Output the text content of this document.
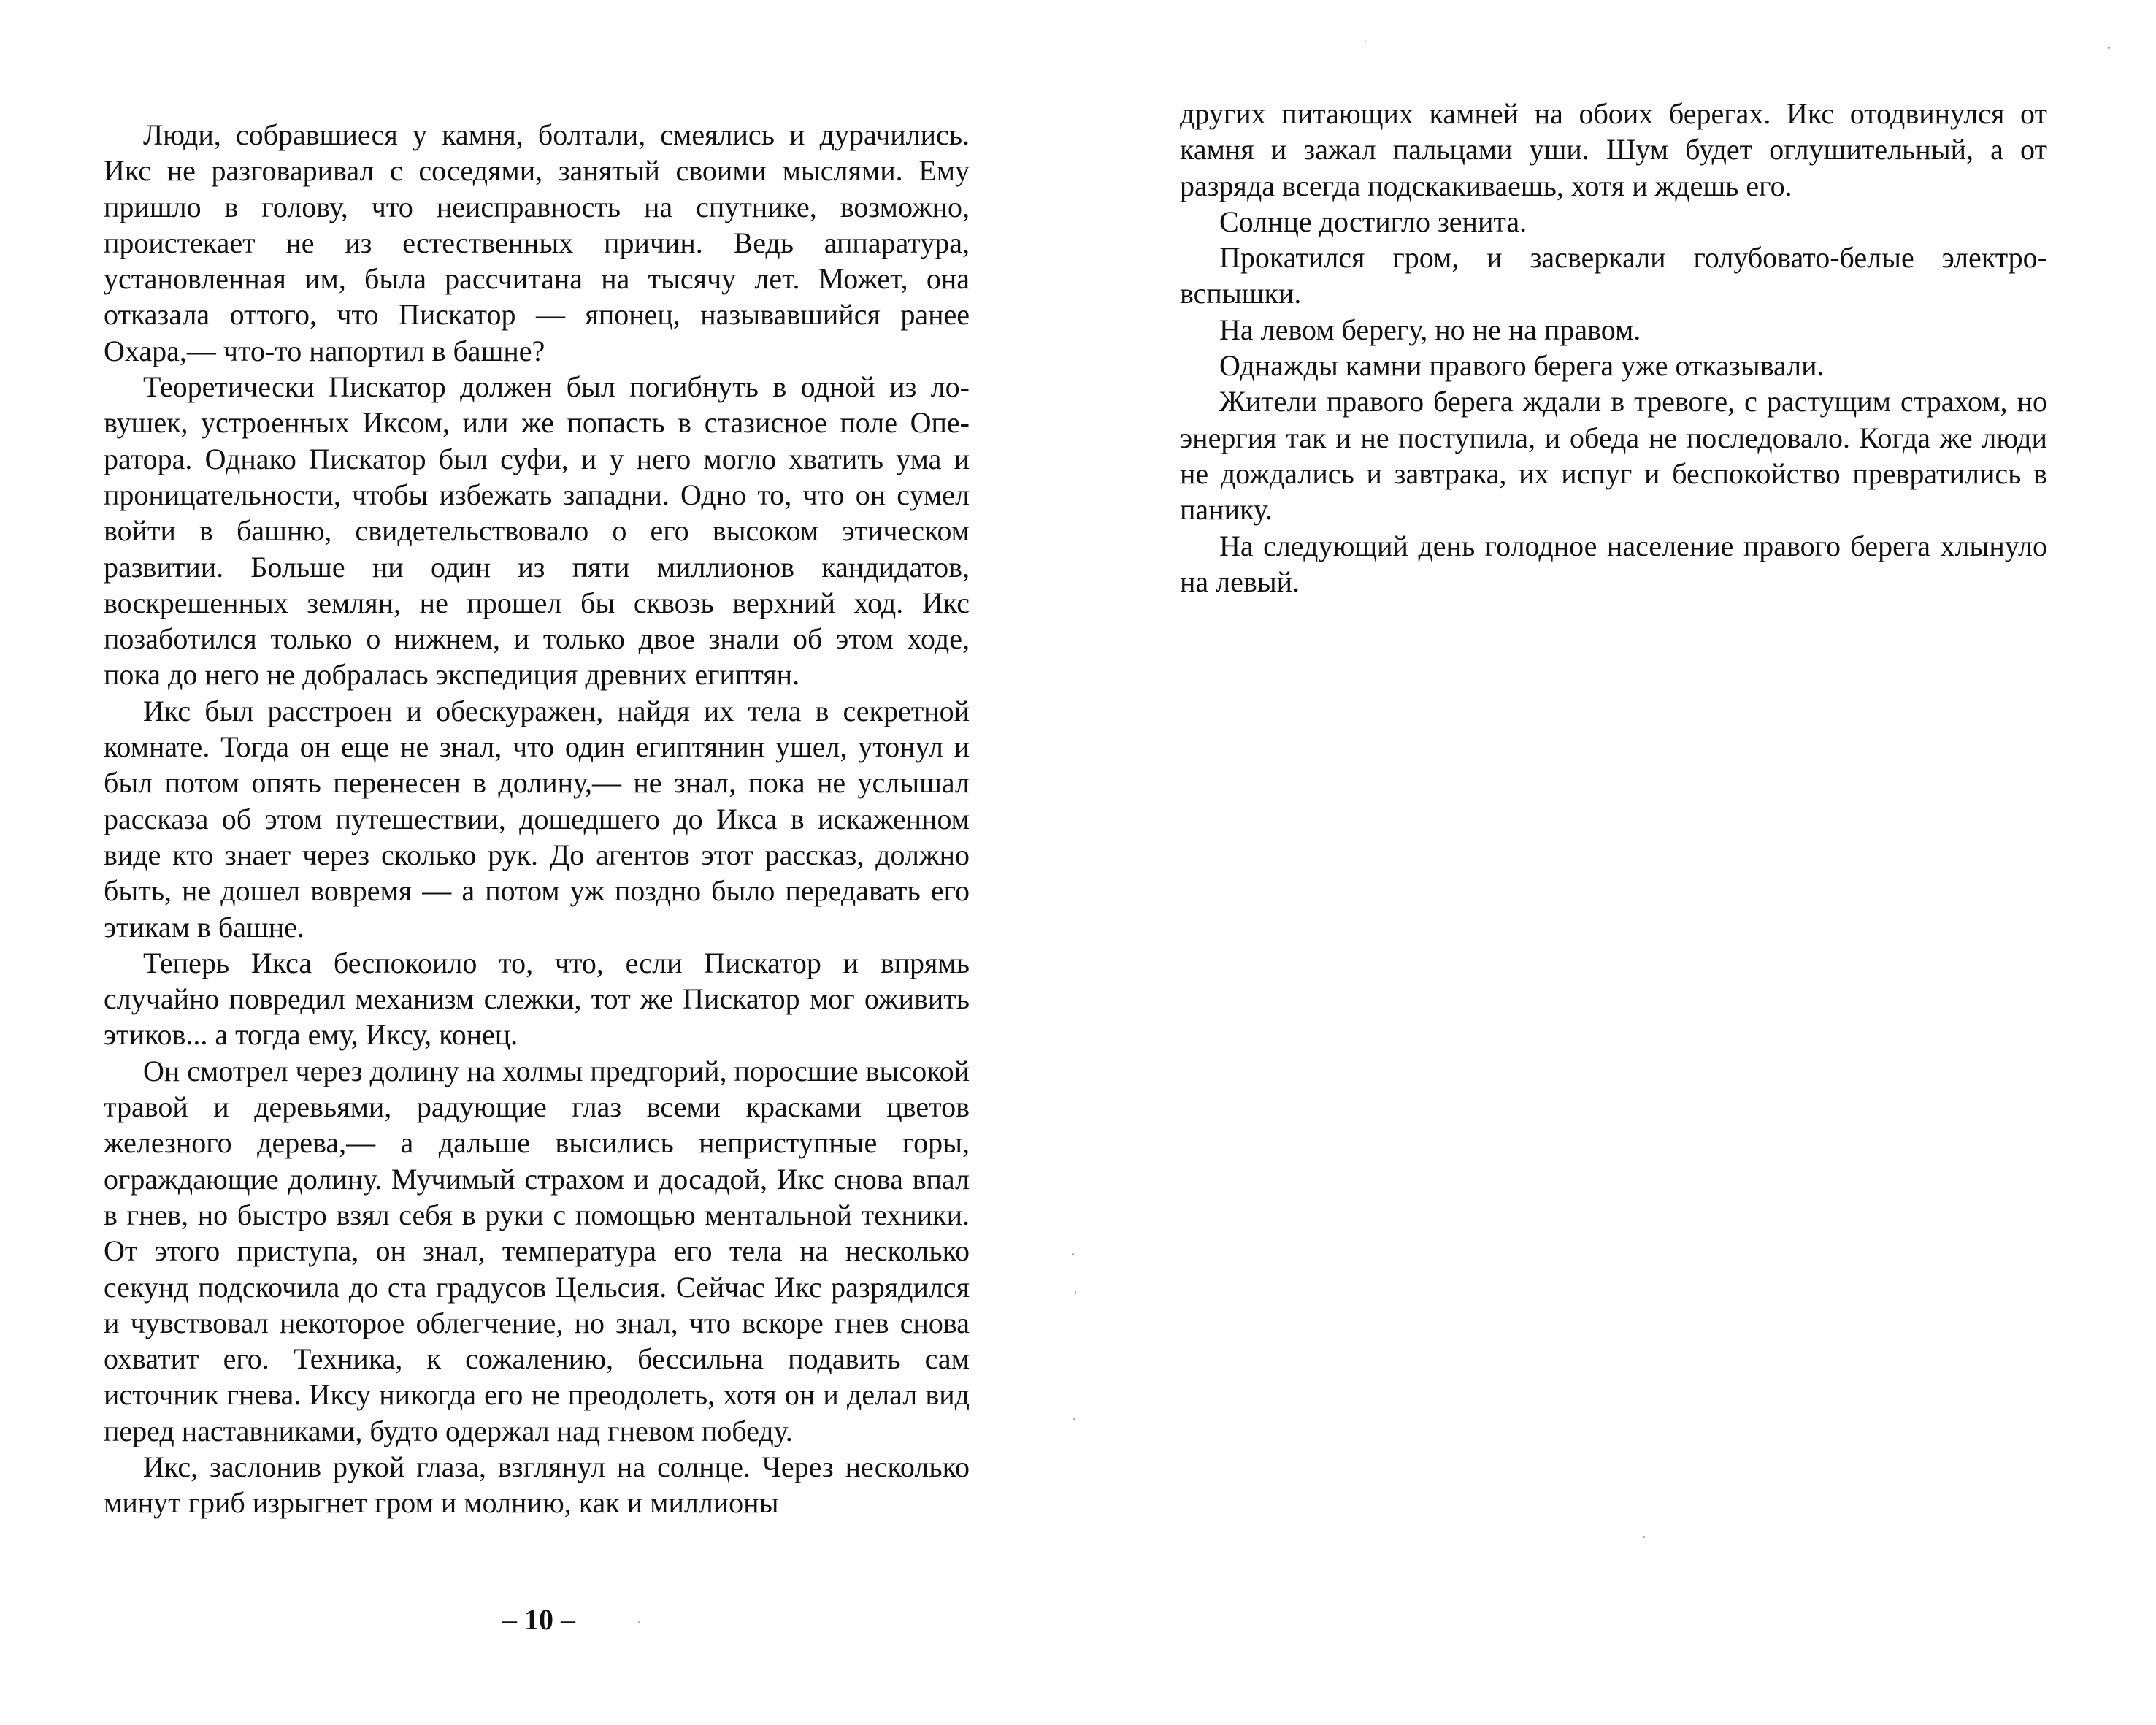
Люди, собравшиеся у камня, болтали, смеялись и дурачились. Икс не разговаривал с соседями, занятый своими мыслями. Ему пришло в голову, что неисправность на спутнике, возможно, проистекает не из естественных причин. Ведь аппаратура, установленная им, была рассчитана на тысячу лет. Может, она отказала оттого, что Пискатор — японец, называвшийся ранее Охара,— что-то напортил в башне?

Теоретически Пискатор должен был погибнуть в одной из ловушек, устроенных Иксом, или же попасть в стазисное поле Оператора. Однако Пискатор был суфи, и у него могло хватить ума и проницательности, чтобы избежать западни. Одно то, что он сумел войти в башню, свидетельствовало о его высоком этическом развитии. Больше ни один из пяти миллионов кандидатов, воскрешенных землян, не прошел бы сквозь верхний ход. Икс позаботился только о нижнем, и только двое знали об этом ходе, пока до него не добралась экспедиция древних египтян.

Икс был расстроен и обескуражен, найдя их тела в секретной комнате. Тогда он еще не знал, что один египтянин ушел, утонул и был потом опять перенесен в долину,— не знал, пока не услышал рассказа об этом путешествии, дошедшего до Икса в искаженном виде кто знает через сколько рук. До агентов этот рассказ, должно быть, не дошел вовремя — а потом уж поздно было передавать его этикам в башне.

Теперь Икса беспокоило то, что, если Пискатор и впрямь случайно повредил механизм слежки, тот же Пискатор мог оживить этиков... а тогда ему, Иксу, конец.

Он смотрел через долину на холмы предгорий, поросшие высокой травой и деревьями, радующие глаз всеми красками цветов железного дерева,— а дальше высились неприступные горы, ограждающие долину. Мучимый страхом и досадой, Икс снова впал в гнев, но быстро взял себя в руки с помощью ментальной техники. От этого приступа, он знал, температура его тела на несколько секунд подскочила до ста градусов Цельсия. Сейчас Икс разрядился и чувствовал некоторое облегчение, но знал, что вскоре гнев снова охватит его. Техника, к сожалению, бессильна подавить сам источник гнева. Иксу никогда его не преодолеть, хотя он и делал вид перед наставниками, будто одержал над гневом победу.

Икс, заслонив рукой глаза, взглянул на солнце. Через несколько минут гриб изрыгнет гром и молнию, как и миллионы

– 10 –

других питающих камней на обоих берегах. Икс отодвинулся от камня и зажал пальцами уши. Шум будет оглушительный, а от разряда всегда подскакиваешь, хотя и ждешь его.

Солнце достигло зенита.

Прокатился гром, и засверкали голубовато-белые электровспышки.

На левом берегу, но не на правом.

Однажды камни правого берега уже отказывали.

Жители правого берега ждали в тревоге, с растущим страхом, но энергия так и не поступила, и обеда не последовало. Когда же люди не дождались и завтрака, их испуг и беспокойство превратились в панику.

На следующий день голодное население правого берега хлынуло на левый.
